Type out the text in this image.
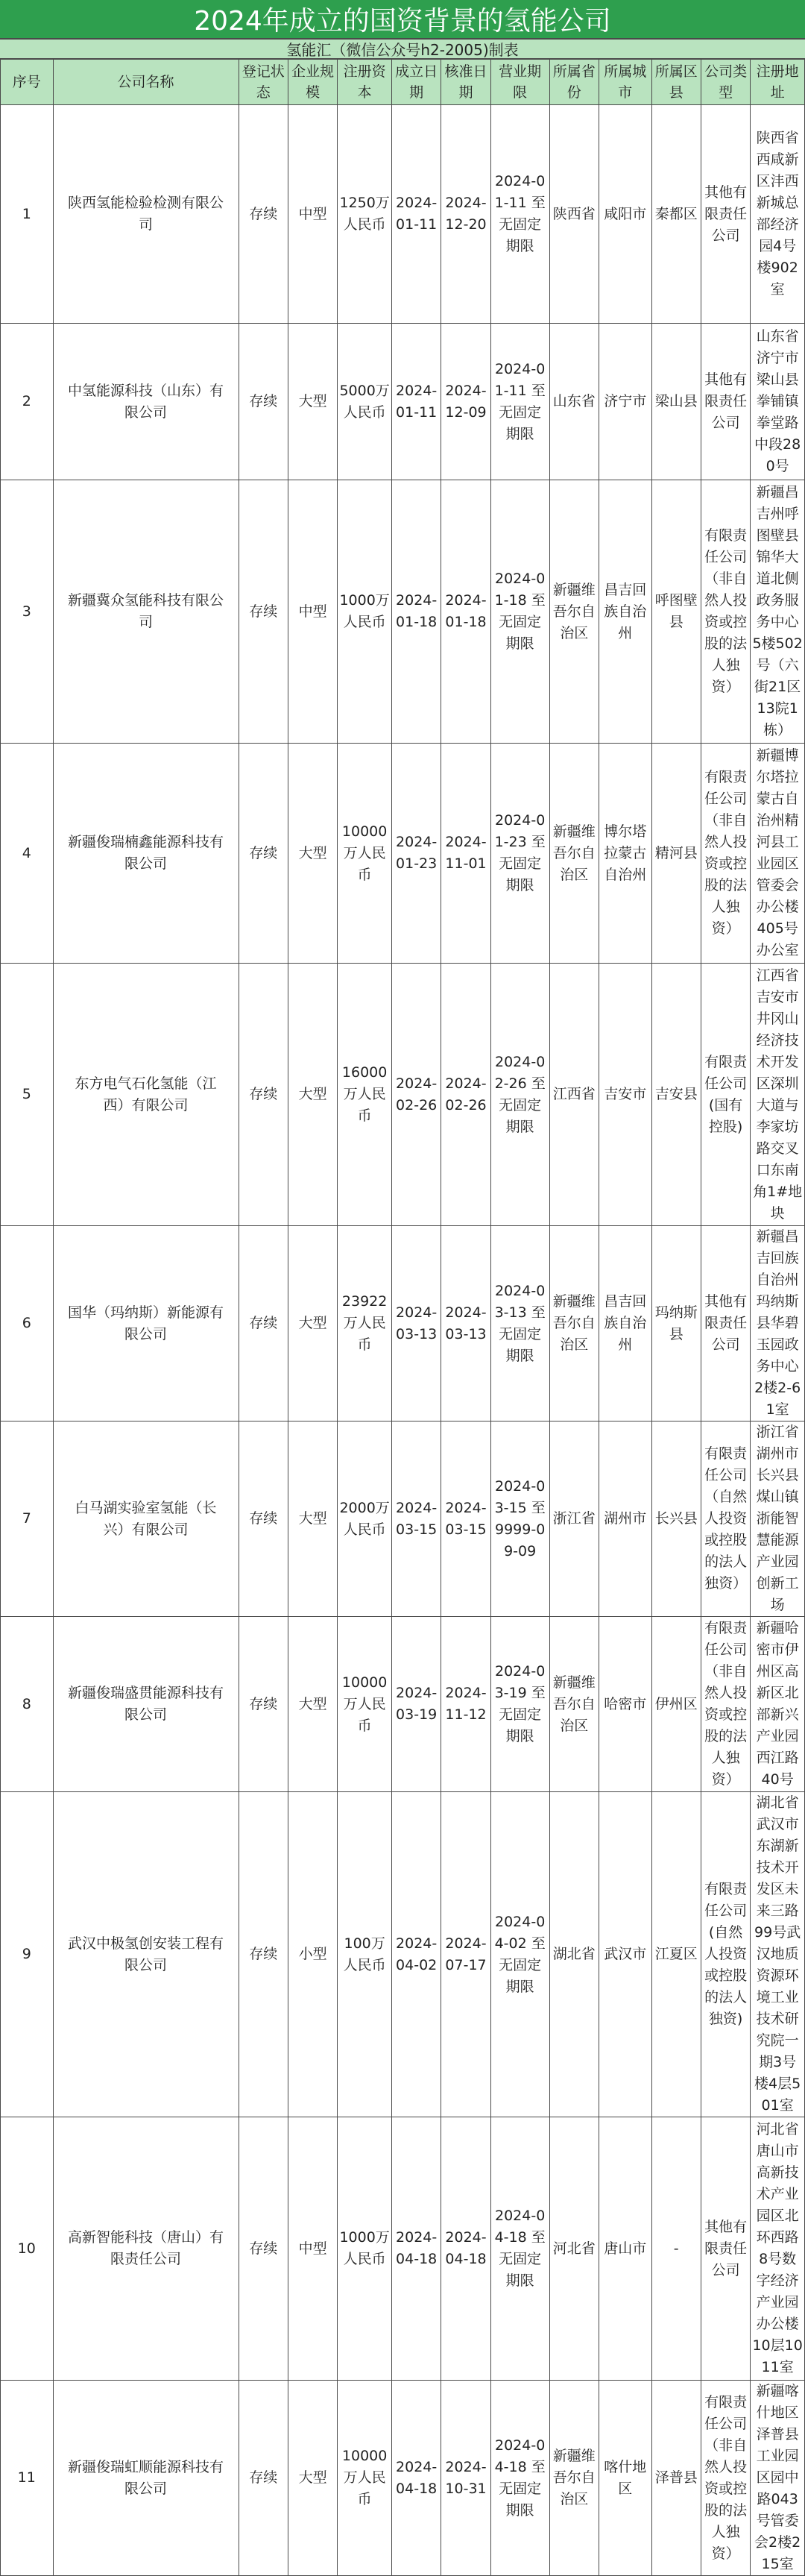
2024年成立的国资背景的氢能公司
氢能汇（微信公众号h2-2005)制表
序号	公司名称	登记状态	企业规模	注册资本	成立日期	核准日期	营业期限	所属省份	所属城市	所属区县	公司类型	注册地址
1	陕西氢能检验检测有限公司	存续	中型	1250万人民币	2024-01-11	2024-12-20	2024-01-11 至 无固定期限	陕西省	咸阳市	秦都区	其他有限责任公司	陕西省西咸新区沣西新城总部经济园4号楼902室
2	中氢能源科技（山东）有限公司	存续	大型	5000万人民币	2024-01-11	2024-12-09	2024-01-11 至 无固定期限	山东省	济宁市	梁山县	其他有限责任公司	山东省济宁市梁山县拳铺镇拳堂路中段280号
3	新疆冀众氢能科技有限公司	存续	中型	1000万人民币	2024-01-18	2024-01-18	2024-01-18 至 无固定期限	新疆维吾尔自治区	昌吉回族自治州	呼图壁县	有限责任公司（非自然人投资或控股的法人独资）	新疆昌吉州呼图壁县锦华大道北侧政务服务中心5楼502号（六街21区13院1栋）
4	新疆俊瑞楠鑫能源科技有限公司	存续	大型	10000万人民币	2024-01-23	2024-11-01	2024-01-23 至 无固定期限	新疆维吾尔自治区	博尔塔拉蒙古自治州	精河县	有限责任公司（非自然人投资或控股的法人独资）	新疆博尔塔拉蒙古自治州精河县工业园区管委会办公楼405号办公室
5	东方电气石化氢能（江西）有限公司	存续	大型	16000万人民币	2024-02-26	2024-02-26	2024-02-26 至 无固定期限	江西省	吉安市	吉安县	有限责任公司(国有控股)	江西省吉安市井冈山经济技术开发区深圳大道与李家坊路交叉口东南角1#地块
6	国华（玛纳斯）新能源有限公司	存续	大型	23922万人民币	2024-03-13	2024-03-13	2024-03-13 至 无固定期限	新疆维吾尔自治区	昌吉回族自治州	玛纳斯县	其他有限责任公司	新疆昌吉回族自治州玛纳斯县华碧玉园政务中心2楼2-61室
7	白马湖实验室氢能（长兴）有限公司	存续	大型	2000万人民币	2024-03-15	2024-03-15	2024-03-15 至 9999-09-09	浙江省	湖州市	长兴县	有限责任公司（自然人投资或控股的法人独资）	浙江省湖州市长兴县煤山镇浙能智慧能源产业园创新工场
8	新疆俊瑞盛贯能源科技有限公司	存续	大型	10000万人民币	2024-03-19	2024-11-12	2024-03-19 至 无固定期限	新疆维吾尔自治区	哈密市	伊州区	有限责任公司（非自然人投资或控股的法人独资）	新疆哈密市伊州区高新区北部新兴产业园西江路40号
9	武汉中极氢创安装工程有限公司	存续	小型	100万人民币	2024-04-02	2024-07-17	2024-04-02 至 无固定期限	湖北省	武汉市	江夏区	有限责任公司(自然人投资或控股的法人独资)	湖北省武汉市东湖新技术开发区未来三路99号武汉地质资源环境工业技术研究院一期3号楼4层501室
10	高新智能科技（唐山）有限责任公司	存续	中型	1000万人民币	2024-04-18	2024-04-18	2024-04-18 至 无固定期限	河北省	唐山市	-	其他有限责任公司	河北省唐山市高新技术产业园区北环西路8号数字经济产业园办公楼10层1011室
11	新疆俊瑞虹顺能源科技有限公司	存续	大型	10000万人民币	2024-04-18	2024-10-31	2024-04-18 至 无固定期限	新疆维吾尔自治区	喀什地区	泽普县	有限责任公司（非自然人投资或控股的法人独资）	新疆喀什地区泽普县工业园区园中路043号管委会2楼215室
